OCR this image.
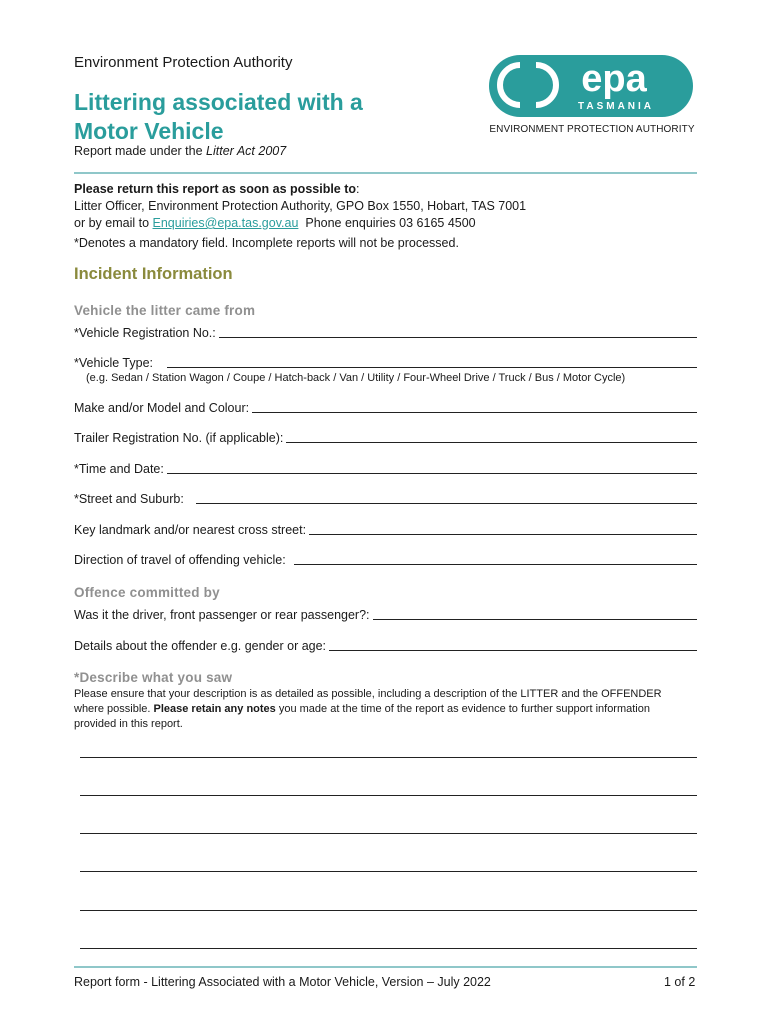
Environment Protection Authority
Littering associated with a
Motor Vehicle
Report made under the Litter Act 2007
epa
TASMANIA
ENVIRONMENT PROTECTION AUTHORITY
Please return this report as soon as possible to:
Litter Officer, Environment Protection Authority, GPO Box 1550, Hobart, TAS 7001
or by email to Enquiries@epa.tas.gov.au  Phone enquiries 03 6165 4500
*Denotes a mandatory field. Incomplete reports will not be processed.
Incident Information
Vehicle the litter came from
*Vehicle Registration No.:
*Vehicle Type:
(e.g. Sedan / Station Wagon / Coupe / Hatch-back / Van / Utility / Four-Wheel Drive / Truck / Bus / Motor Cycle)
Make and/or Model and Colour:
Trailer Registration No. (if applicable):
*Time and Date:
*Street and Suburb:
Key landmark and/or nearest cross street:
Direction of travel of offending vehicle:
Offence committed by
Was it the driver, front passenger or rear passenger?:
Details about the offender e.g. gender or age:
*Describe what you saw
Please ensure that your description is as detailed as possible, including a description of the LITTER and the OFFENDER where possible. Please retain any notes you made at the time of the report as evidence to further support information provided in this report.
Report form - Littering Associated with a Motor Vehicle, Version – July 2022	1 of 2
